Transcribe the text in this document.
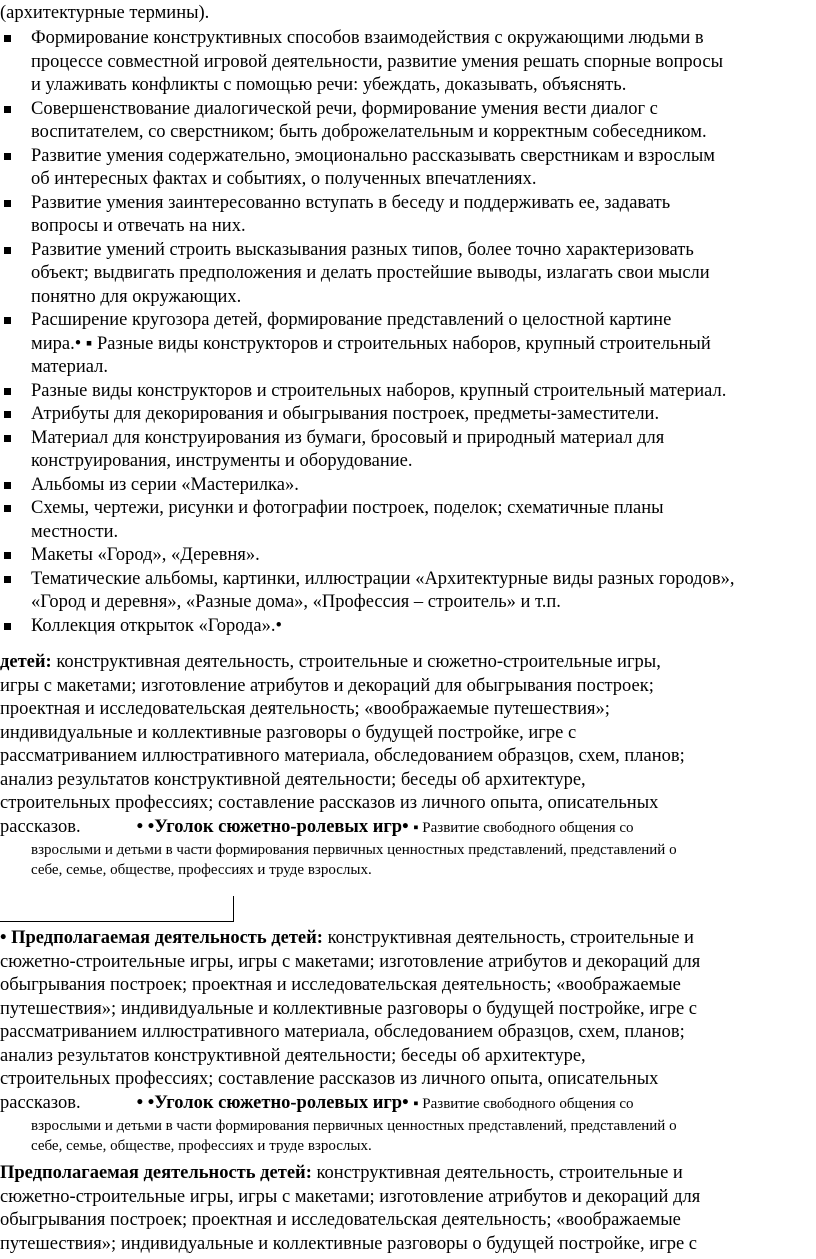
(архитектурные термины).
Формирование конструктивных способов взаимодействия с окружающими людьми в
процессе совместной игровой деятельности, развитие умения решать спорные вопросы
и улаживать конфликты с помощью речи: убеждать, доказывать, объяснять.
Совершенствование диалогической речи, формирование умения вести диалог с
воспитателем, со сверстником; быть доброжелательным и корректным собеседником.
Развитие умения содержательно, эмоционально рассказывать сверстникам и взрослым
об интересных фактах и событиях, о полученных впечатлениях.
Развитие умения заинтересованно вступать в беседу и поддерживать ее, задавать
вопросы и отвечать на них.
Развитие умений строить высказывания разных типов, более точно характеризовать
объект; выдвигать предположения и делать простейшие выводы, излагать свои мысли
понятно для окружающих.
Расширение кругозора детей, формирование представлений о целостной картине
мира.• ▪ Разные виды конструкторов и строительных наборов, крупный строительный
материал.
Разные виды конструкторов и строительных наборов, крупный строительный материал.
Атрибуты для декорирования и обыгрывания построек, предметы-заместители.
Материал для конструирования из бумаги, бросовый и природный материал для
конструирования, инструменты и оборудование.
Альбомы из серии «Мастерилка».
Схемы, чертежи, рисунки и фотографии построек, поделок; схематичные планы
местности.
Макеты «Город», «Деревня».
Тематические альбомы, картинки, иллюстрации «Архитектурные виды разных городов»,
«Город и деревня», «Разные дома», «Профессия – строитель» и т.п.
Коллекция открыток «Города».•
детей: конструктивная деятельность, строительные и сюжетно-строительные игры,
игры с макетами; изготовление атрибутов и декораций для обыгрывания построек;
проектная и исследовательская деятельность; «воображаемые путешествия»;
индивидуальные и коллективные разговоры о будущей постройке, игре с
рассматриванием иллюстративного материала, обследованием образцов, схем, планов;
анализ результатов конструктивной деятельности; беседы об архитектуре,
строительных профессиях; составление рассказов из личного опыта, описательных
рассказов.	• •Уголок сюжетно-ролевых игр• ▪ Развитие свободного общения со
взрослыми и детьми в части формирования первичных ценностных представлений, представлений о
себе, семье, обществе, профессиях и труде взрослых.
• Предполагаемая деятельность детей: конструктивная деятельность, строительные и
сюжетно-строительные игры, игры с макетами; изготовление атрибутов и декораций для
обыгрывания построек; проектная и исследовательская деятельность; «воображаемые
путешествия»; индивидуальные и коллективные разговоры о будущей постройке, игре с
рассматриванием иллюстративного материала, обследованием образцов, схем, планов;
анализ результатов конструктивной деятельности; беседы об архитектуре,
строительных профессиях; составление рассказов из личного опыта, описательных
рассказов.	• •Уголок сюжетно-ролевых игр• ▪ Развитие свободного общения со
взрослыми и детьми в части формирования первичных ценностных представлений, представлений о
себе, семье, обществе, профессиях и труде взрослых.
Предполагаемая деятельность детей: конструктивная деятельность, строительные и
сюжетно-строительные игры, игры с макетами; изготовление атрибутов и декораций для
обыгрывания построек; проектная и исследовательская деятельность; «воображаемые
путешествия»; индивидуальные и коллективные разговоры о будущей постройке, игре с
